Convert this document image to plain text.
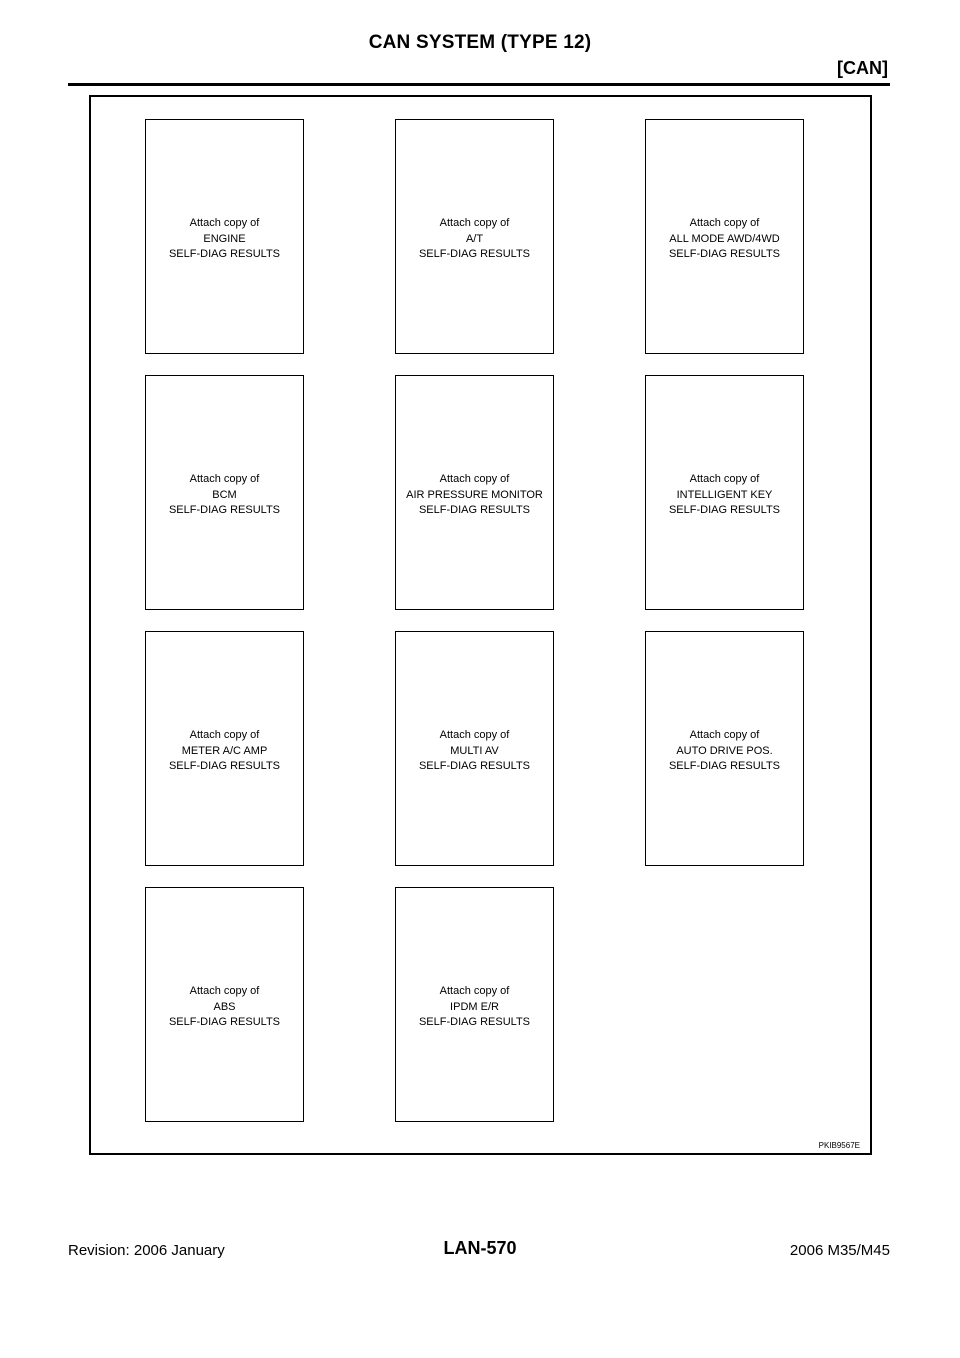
CAN SYSTEM (TYPE 12)
[CAN]
Attach copy of
ENGINE
SELF-DIAG RESULTS
Attach copy of
A/T
SELF-DIAG RESULTS
Attach copy of
ALL MODE AWD/4WD
SELF-DIAG RESULTS
Attach copy of
BCM
SELF-DIAG RESULTS
Attach copy of
AIR PRESSURE MONITOR
SELF-DIAG RESULTS
Attach copy of
INTELLIGENT KEY
SELF-DIAG RESULTS
Attach copy of
METER A/C AMP
SELF-DIAG RESULTS
Attach copy of
MULTI AV
SELF-DIAG RESULTS
Attach copy of
AUTO DRIVE POS.
SELF-DIAG RESULTS
Attach copy of
ABS
SELF-DIAG RESULTS
Attach copy of
IPDM E/R
SELF-DIAG RESULTS
PKIB9567E
Revision: 2006 January	LAN-570	2006 M35/M45
